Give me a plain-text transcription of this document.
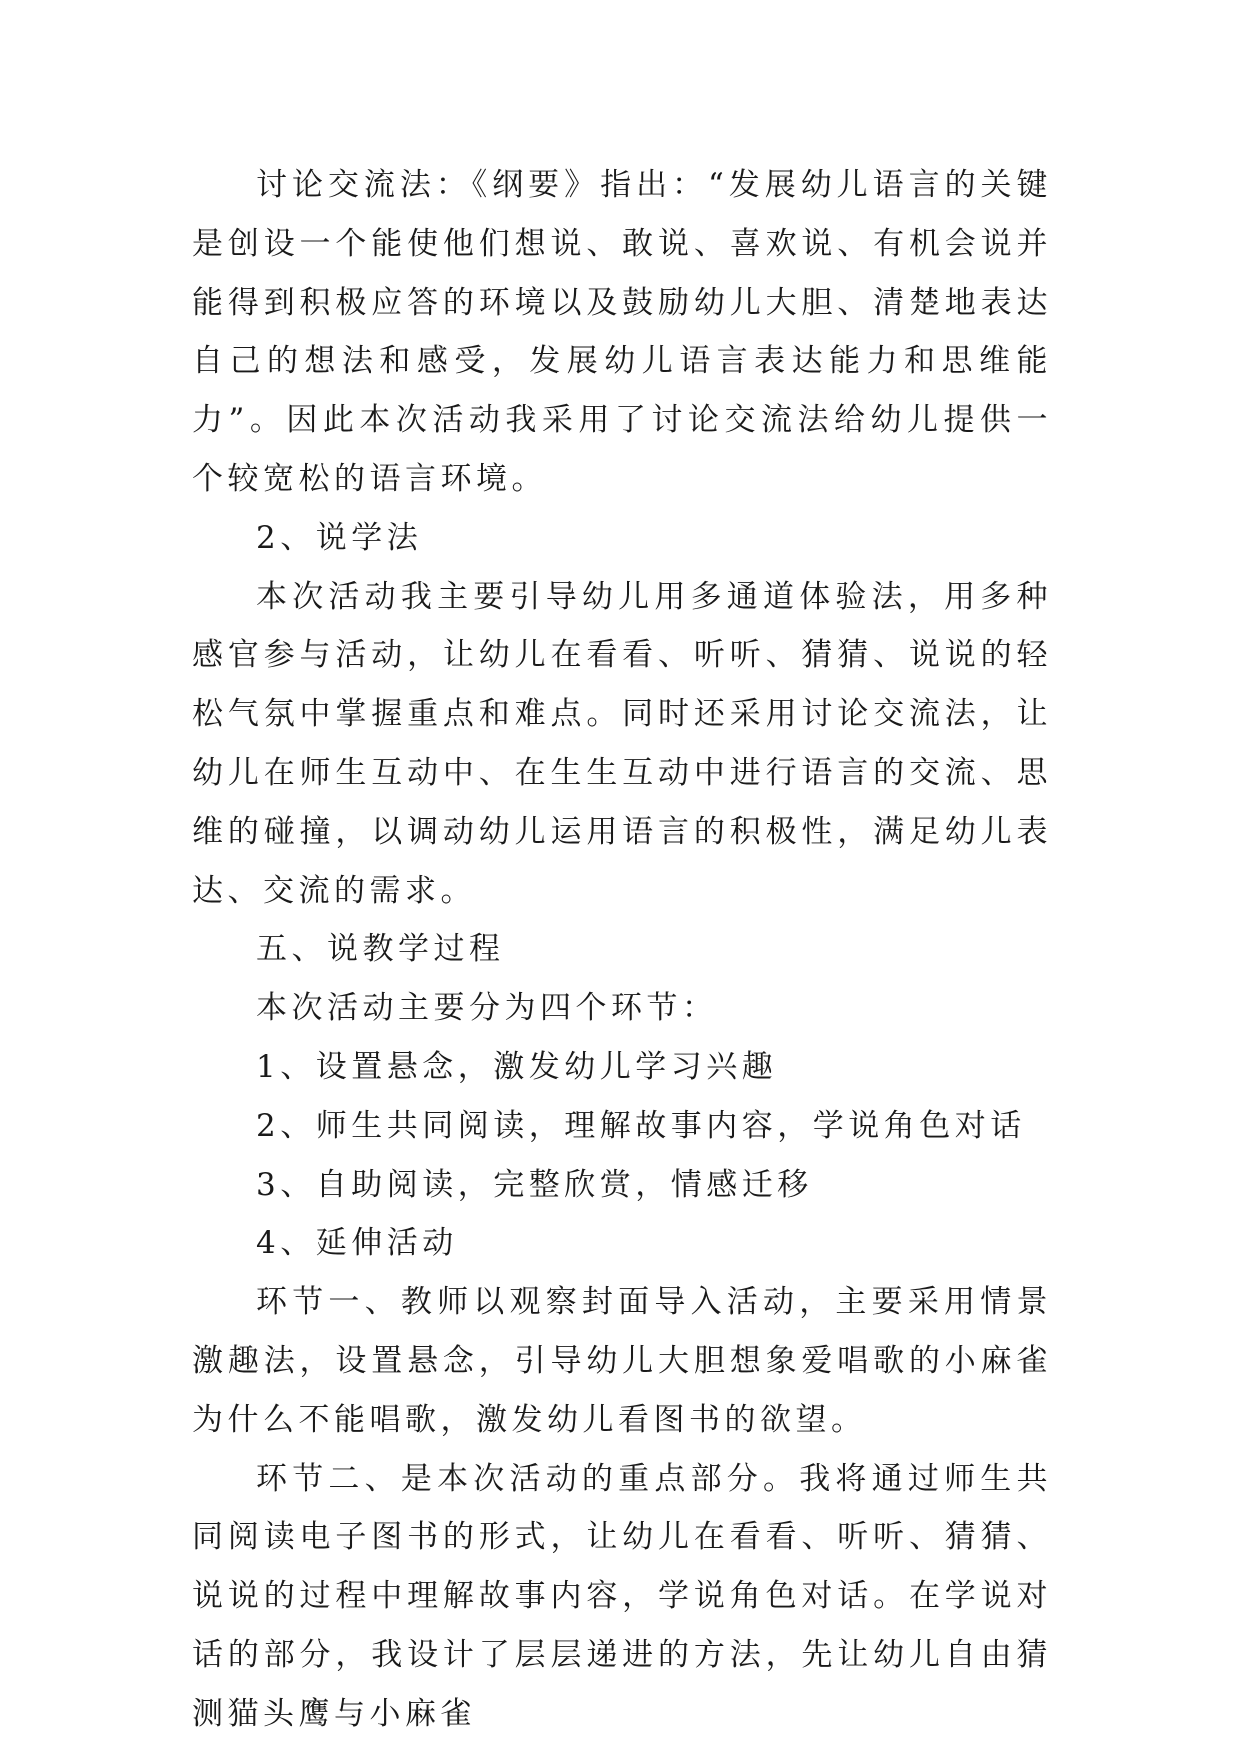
讨论交流法：《纲要》指出：“发展幼儿语言的关键是创设一个能使他们想说、敢说、喜欢说、有机会说并能得到积极应答的环境以及鼓励幼儿大胆、清楚地表达自己的想法和感受，发展幼儿语言表达能力和思维能力”。因此本次活动我采用了讨论交流法给幼儿提供一个较宽松的语言环境。

2、说学法

本次活动我主要引导幼儿用多通道体验法，用多种感官参与活动，让幼儿在看看、听听、猜猜、说说的轻松气氛中掌握重点和难点。同时还采用讨论交流法，让幼儿在师生互动中、在生生互动中进行语言的交流、思维的碰撞，以调动幼儿运用语言的积极性，满足幼儿表达、交流的需求。

五、说教学过程

本次活动主要分为四个环节：

1、设置悬念，激发幼儿学习兴趣

2、师生共同阅读，理解故事内容，学说角色对话

3、自助阅读，完整欣赏，情感迁移

4、延伸活动

环节一、教师以观察封面导入活动，主要采用情景激趣法，设置悬念，引导幼儿大胆想象爱唱歌的小麻雀为什么不能唱歌，激发幼儿看图书的欲望。

环节二、是本次活动的重点部分。我将通过师生共同阅读电子图书的形式，让幼儿在看看、听听、猜猜、说说的过程中理解故事内容，学说角色对话。在学说对话的部分，我设计了层层递进的方法，先让幼儿自由猜测猫头鹰与小麻雀
